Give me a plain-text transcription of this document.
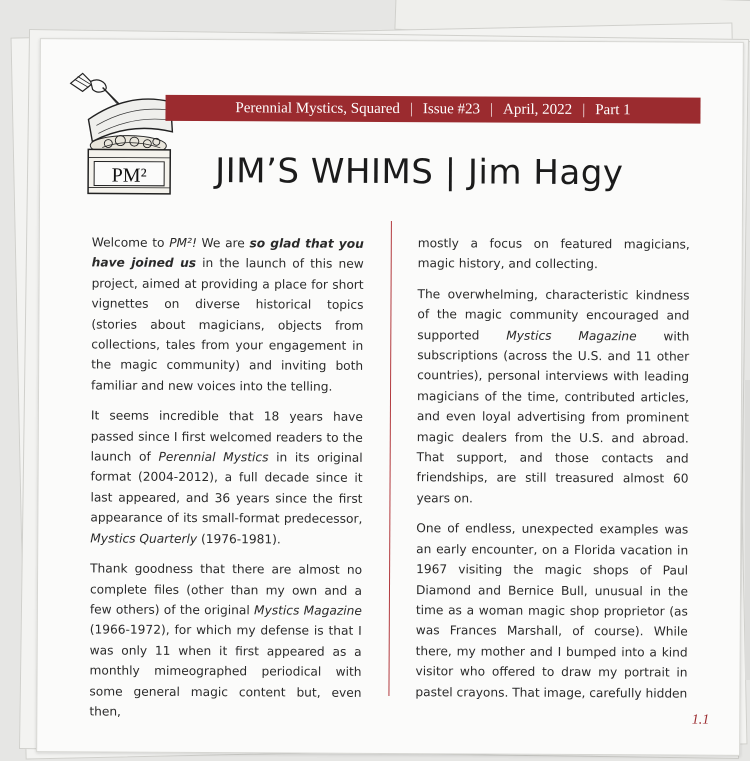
PM²
Perennial Mystics, Squared | Issue #23 | April, 2022 | Part 1
JIM’S WHIMS | Jim Hagy

Welcome to PM²! We are so glad that you have joined us in the launch of this new project, aimed at providing a place for short vignettes on diverse historical topics (stories about magicians, objects from collections, tales from your engagement in the magic community) and inviting both familiar and new voices into the telling.

It seems incredible that 18 years have passed since I first welcomed readers to the launch of Perennial Mystics in its original format (2004-2012), a full decade since it last appeared, and 36 years since the first appearance of its small-format predecessor, Mystics Quarterly (1976-1981).

Thank goodness that there are almost no complete files (other than my own and a few others) of the original Mystics Magazine (1966-1972), for which my defense is that I was only 11 when it first appeared as a monthly mimeographed periodical with some general magic content but, even then,

mostly a focus on featured magicians, magic history, and collecting.

The overwhelming, characteristic kindness of the magic community encouraged and supported Mystics Magazine with subscriptions (across the U.S. and 11 other countries), personal interviews with leading magicians of the time, contributed articles, and even loyal advertising from prominent magic dealers from the U.S. and abroad. That support, and those contacts and friendships, are still treasured almost 60 years on.

One of endless, unexpected examples was an early encounter, on a Florida vacation in 1967 visiting the magic shops of Paul Diamond and Bernice Bull, unusual in the time as a woman magic shop proprietor (as was Frances Marshall, of course). While there, my mother and I bumped into a kind visitor who offered to draw my portrait in pastel crayons. That image, carefully hidden

1.1
